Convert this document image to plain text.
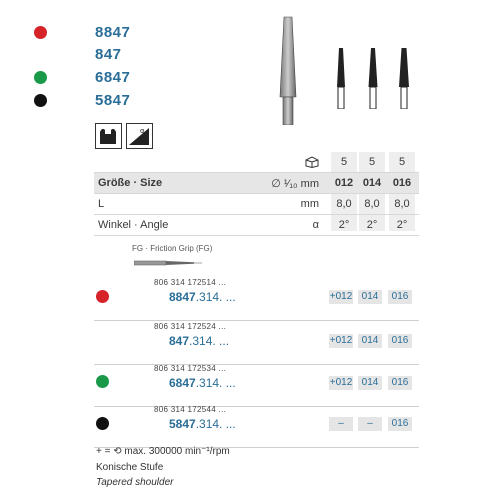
8847
847
6847
5847
α
5	5	5
Größe · Size	∅ ¹⁄₁₀ mm	012 014	016
L	mm	8,0	8,0	8,0
Winkel · Angle	α	2°	2°	2°
FG · Friction Grip (FG)
806 314 172514 ...
8847.314. ...	+012 014	016
806 314 172524 ...
847.314. ...	+012 014	016
806 314 172534 ...
6847.314. ...	+012 014	016
806 314 172544 ...
5847.314. ...	–	–	016
+ = ⟲ max. 300000 min⁻¹/rpm
Konische Stufe
Tapered shoulder
